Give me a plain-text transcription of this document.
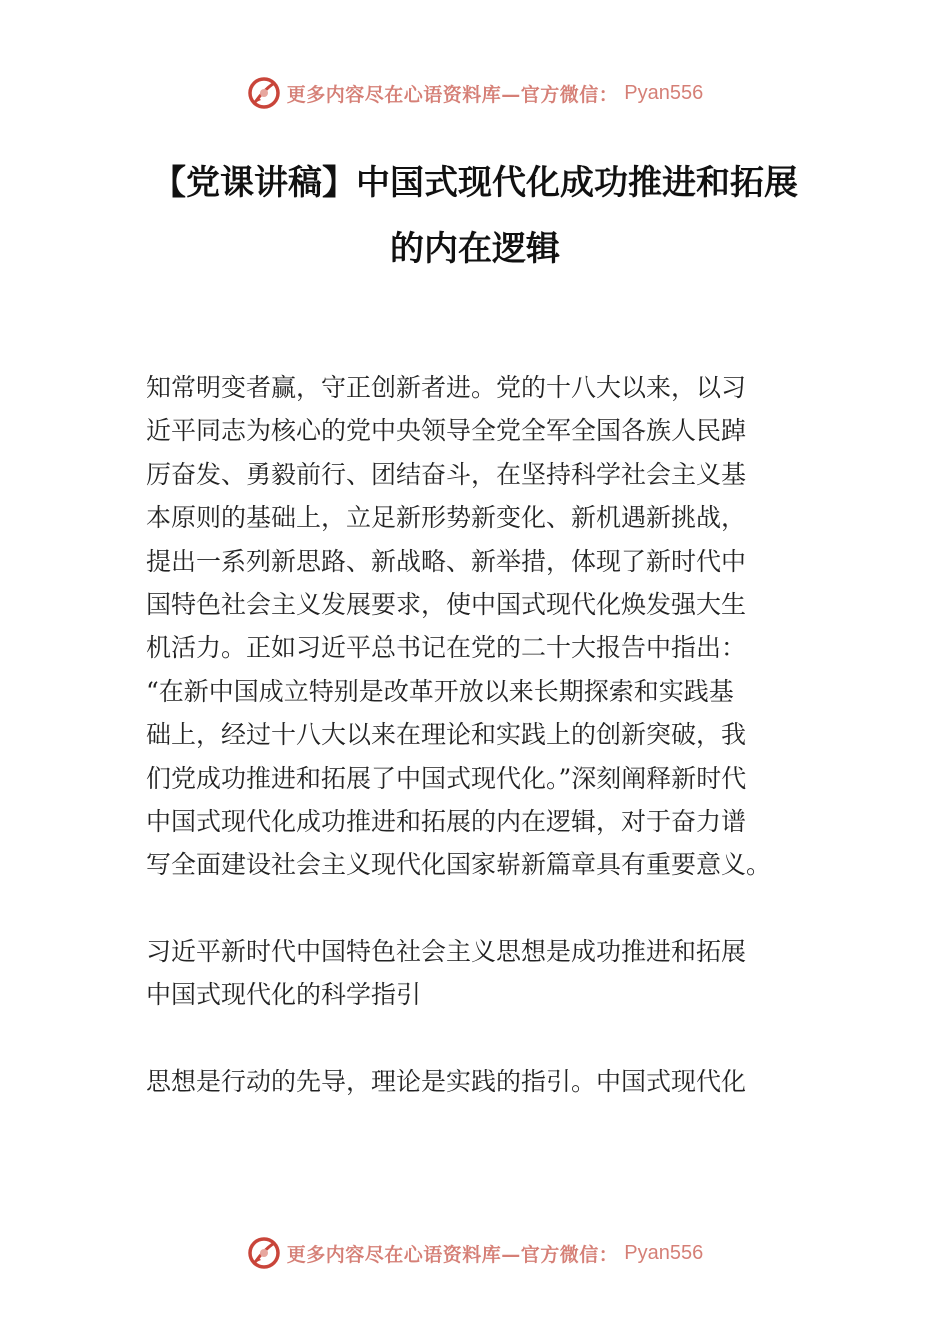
更多内容尽在心语资料库—官方微信： Pyan556
【党课讲稿】中国式现代化成功推进和拓展
的内在逻辑

知常明变者赢，守正创新者进。党的十八大以来，以习
近平同志为核心的党中央领导全党全军全国各族人民踔
厉奋发、勇毅前行、团结奋斗，在坚持科学社会主义基
本原则的基础上，立足新形势新变化、新机遇新挑战，
提出一系列新思路、新战略、新举措，体现了新时代中
国特色社会主义发展要求，使中国式现代化焕发强大生
机活力。正如习近平总书记在党的二十大报告中指出：
“在新中国成立特别是改革开放以来长期探索和实践基
础上，经过十八大以来在理论和实践上的创新突破，我
们党成功推进和拓展了中国式现代化。”深刻阐释新时代
中国式现代化成功推进和拓展的内在逻辑，对于奋力谱
写全面建设社会主义现代化国家崭新篇章具有重要意义。

习近平新时代中国特色社会主义思想是成功推进和拓展
中国式现代化的科学指引

思想是行动的先导，理论是实践的指引。中国式现代化

更多内容尽在心语资料库—官方微信： Pyan556
